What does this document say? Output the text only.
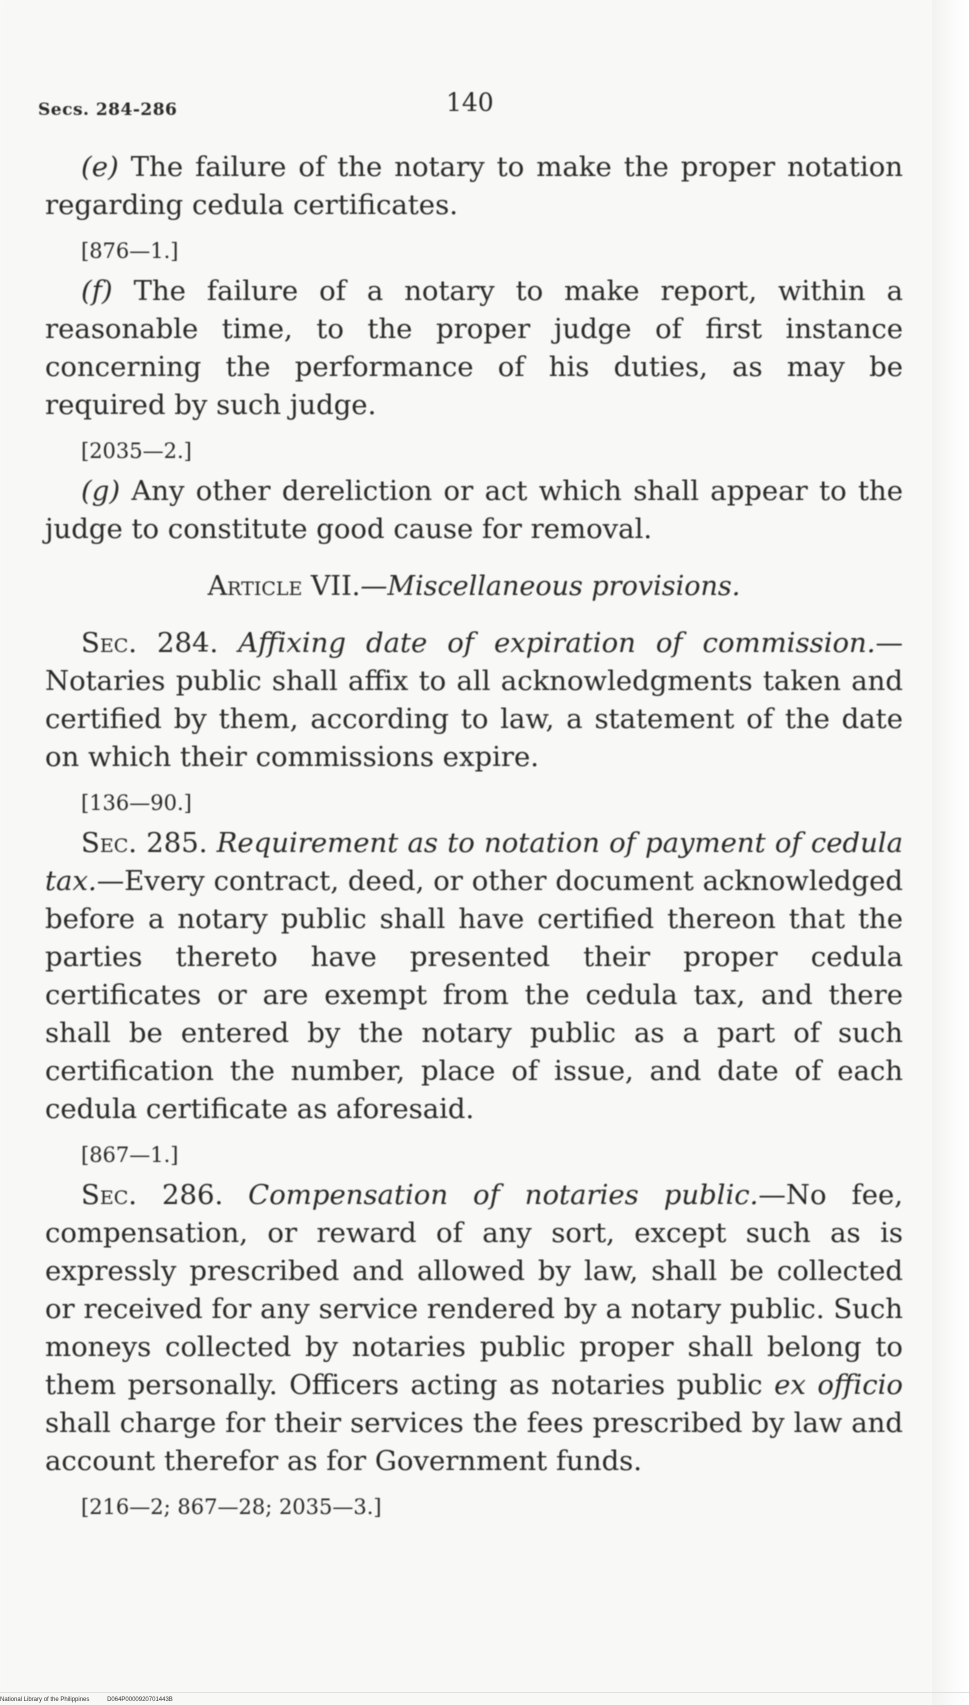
Secs. 284-286	140

(e) The failure of the notary to make the proper notation regarding cedula certificates.

[876—1.]

(f) The failure of a notary to make report, within a reasonable time, to the proper judge of first instance concerning the performance of his duties, as may be required by such judge.

[2035—2.]

(g) Any other dereliction or act which shall appear to the judge to constitute good cause for removal.

Article VII.—Miscellaneous provisions.

Sec. 284. Affixing date of expiration of commission.—Notaries public shall affix to all acknowledgments taken and certified by them, according to law, a statement of the date on which their commissions expire.

[136—90.]

Sec. 285. Requirement as to notation of payment of cedula tax.—Every contract, deed, or other document acknowledged before a notary public shall have certified thereon that the parties thereto have presented their proper cedula certificates or are exempt from the cedula tax, and there shall be entered by the notary public as a part of such certification the number, place of issue, and date of each cedula certificate as aforesaid.

[867—1.]

Sec. 286. Compensation of notaries public.—No fee, compensation, or reward of any sort, except such as is expressly prescribed and allowed by law, shall be collected or received for any service rendered by a notary public. Such moneys collected by notaries public proper shall belong to them personally. Officers acting as notaries public ex officio shall charge for their services the fees prescribed by law and account therefor as for Government funds.

[216—2; 867—28; 2035—3.]
National Library of the Philippines	D064P0000920701443B
